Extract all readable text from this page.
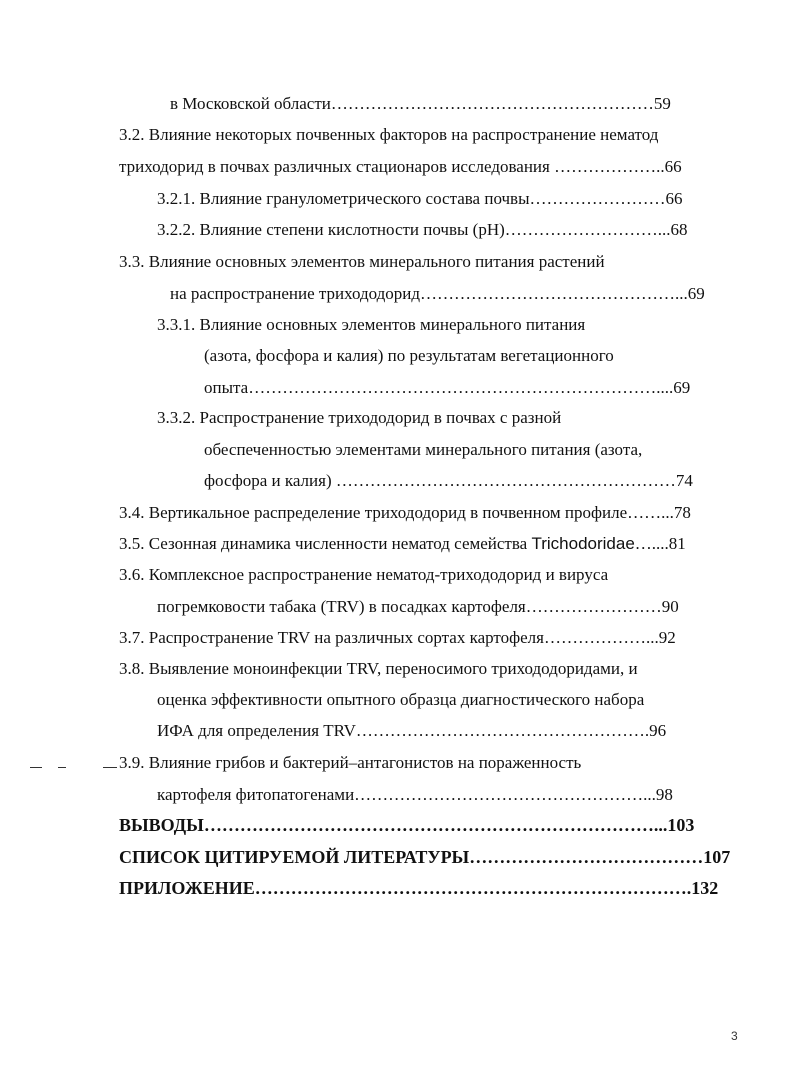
в Московской области…………………………………………………59
3.2. Влияние некоторых почвенных факторов на распространение нематод
триходорид в почвах различных стационаров исследования ………………..66
3.2.1. Влияние гранулометрического состава почвы……………………66
3.2.2. Влияние степени кислотности почвы (рН)………………………...68
3.3. Влияние основных элементов минерального питания растений
на распространение трихододорид………………………………………...69
3.3.1. Влияние основных элементов минерального питания
(азота, фосфора и калия) по результатам вегетационного
опыта………………………………………………………………....69
3.3.2. Распространение трихододорид в почвах с разной
обеспеченностью элементами минерального питания (азота,
фосфора и калия) ……………………………………………………74
3.4. Вертикальное распределение трихододорид в почвенном профиле……...78
3.5. Сезонная динамика численности нематод семейства Trichodoridae…....81
3.6. Комплексное распространение нематод-трихододорид и вируса
погремковости табака (TRV) в посадках картофеля……………………90
3.7. Распространение TRV на различных сортах картофеля………………...92
3.8. Выявление моноинфекции TRV, переносимого трихододоридами, и
оценка эффективности опытного образца диагностического набора
ИФА для определения TRV…………………………………………….96
3.9. Влияние грибов и бактерий–антагонистов на пораженность
картофеля фитопатогенами……………………………………………...98
ВЫВОДЫ…………………………………………………………………...103
СПИСОК ЦИТИРУЕМОЙ ЛИТЕРАТУРЫ…………………………………107
ПРИЛОЖЕНИЕ……………………………………………………………….132
3
